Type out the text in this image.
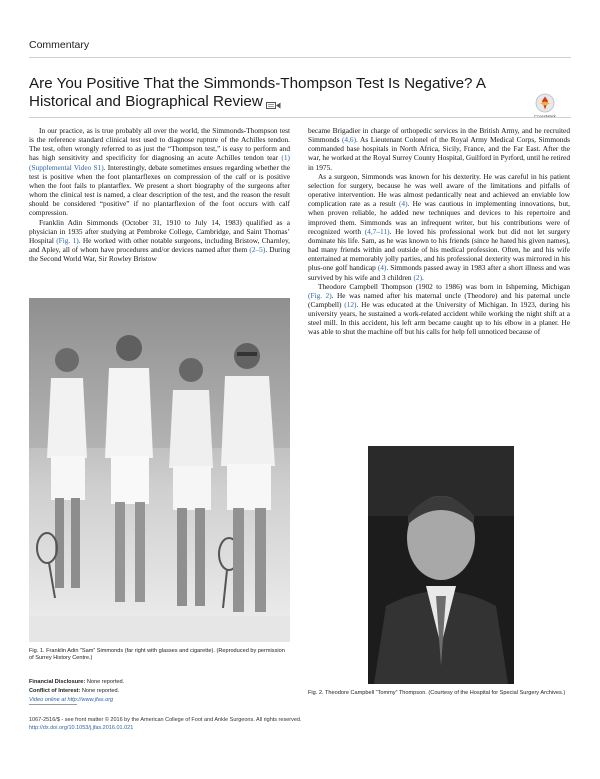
Commentary
Are You Positive That the Simmonds-Thompson Test Is Negative? A Historical and Biographical Review
CrossMark

In our practice, as is true probably all over the world, the Simmonds-Thompson test is the reference standard clinical test used to diagnose rupture of the Achilles tendon. The test, often wrongly referred to as just the “Thompson test,” is easy to perform and has high sensitivity and specificity for diagnosing an acute Achilles tendon tear (1) (Supplemental Video S1). Interestingly, debate sometimes ensues regarding whether the test is positive when the foot plantarflexes on compression of the calf or is positive when the foot fails to plantarflex. We present a short biography of the surgeons after whom the clinical test is named, a clear description of the test, and the reason the result should be considered “positive” if no plantarflexion of the foot occurs with calf compression.

Franklin Adin Simmonds (October 31, 1910 to July 14, 1983) qualified as a physician in 1935 after studying at Pembroke College, Cambridge, and Saint Thomas’ Hospital (Fig. 1). He worked with other notable surgeons, including Bristow, Charnley, and Apley, all of whom have procedures and/or devices named after them (2–5). During the Second World War, Sir Rowley Bristow

Fig. 1. Franklin Adin “Sam” Simmonds (far right with glasses and cigarette). (Reproduced by permission of Surrey History Centre.)

became Brigadier in charge of orthopedic services in the British Army, and he recruited Simmonds (4,6). As Lieutenant Colonel of the Royal Army Medical Corps, Simmonds commanded base hospitals in North Africa, Sicily, France, and the Far East. After the war, he worked at the Royal Surrey County Hospital, Guilford in Pyrford, until he retired in 1975.

As a surgeon, Simmonds was known for his dexterity. He was careful in his patient selection for surgery, because he was well aware of the limitations and pitfalls of operative intervention. He was almost pedantically neat and achieved an enviable low complication rate as a result (4). He was cautious in implementing innovations, but, when proven reliable, he added new techniques and devices to his repertoire and improved them. Simmonds was an infrequent writer, but his contributions were of recognized worth (4,7–11). He loved his professional work but did not let surgery dominate his life. Sam, as he was known to his friends (since he hated his given names), had many friends within and outside of his medical profession. Often, he and his wife entertained at memorably jolly parties, and his professional dexterity was mirrored in his plus-one golf handicap (4). Simmonds passed away in 1983 after a short illness and was survived by his wife and 3 children (2).

Theodore Campbell Thompson (1902 to 1986) was born in Ishpeming, Michigan (Fig. 2). He was named after his maternal uncle (Theodore) and his paternal uncle (Campbell) (12). He was educated at the University of Michigan. In 1923, during his university years, he sustained a work-related accident while working the night shift at a steel mill. In this accident, his left arm became caught up to his elbow in a planer. He was able to shut the machine off but his calls for help fell unnoticed because of

Fig. 2. Theodore Campbell “Tommy” Thompson. (Courtesy of the Hospital for Special Surgery Archives.)
Financial Disclosure: None reported.
Conflict of Interest: None reported.
Video online at http://www.jfas.org
1067-2516/$ - see front matter © 2016 by the American College of Foot and Ankle Surgeons. All rights reserved.
http://dx.doi.org/10.1053/j.jfas.2016.01.021
